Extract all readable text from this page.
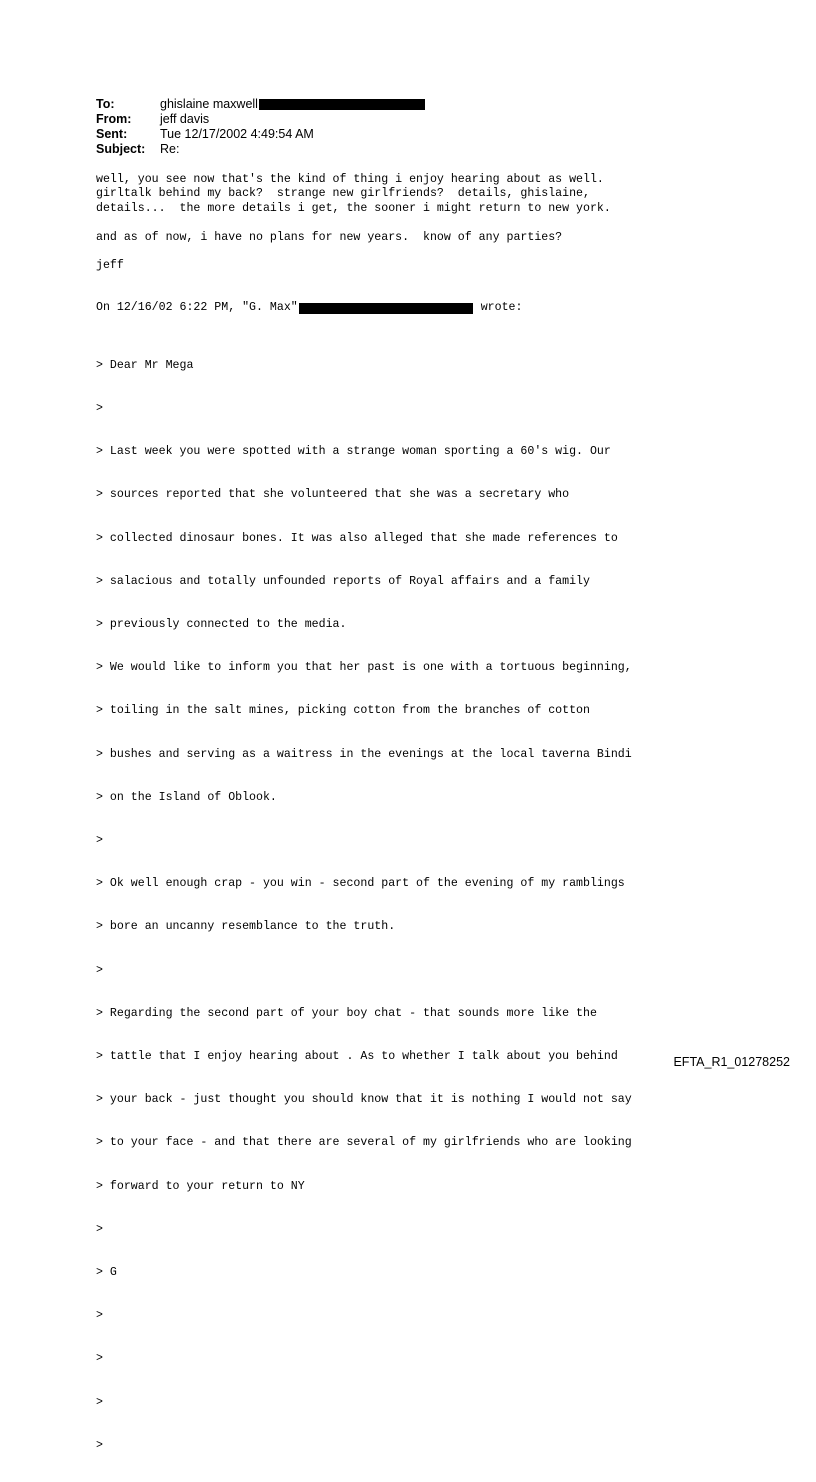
To:	ghislaine maxwell
From:	jeff davis
Sent:	Tue 12/17/2002 4:49:54 AM
Subject:	Re:
well, you see now that's the kind of thing i enjoy hearing about as well.
girltalk behind my back?  strange new girlfriends?  details, ghislaine,
details...  the more details i get, the sooner i might return to new york.
and as of now, i have no plans for new years.  know of any parties?
jeff
On 12/16/02 6:22 PM, "G. Max"	wrote:

> Dear Mr Mega

>

> Last week you were spotted with a strange woman sporting a 60's wig. Our

> sources reported that she volunteered that she was a secretary who

> collected dinosaur bones. It was also alleged that she made references to

> salacious and totally unfounded reports of Royal affairs and a family

> previously connected to the media.

> We would like to inform you that her past is one with a tortuous beginning,

> toiling in the salt mines, picking cotton from the branches of cotton

> bushes and serving as a waitress in the evenings at the local taverna Bindi

> on the Island of Oblook.

>

> Ok well enough crap - you win - second part of the evening of my ramblings

> bore an uncanny resemblance to the truth.

>

> Regarding the second part of your boy chat - that sounds more like the

> tattle that I enjoy hearing about . As to whether I talk about you behind

> your back - just thought you should know that it is nothing I would not say

> to your face - and that there are several of my girlfriends who are looking

> forward to your return to NY

>

> G

>

>

>

>

EFTA_R1_01278252
